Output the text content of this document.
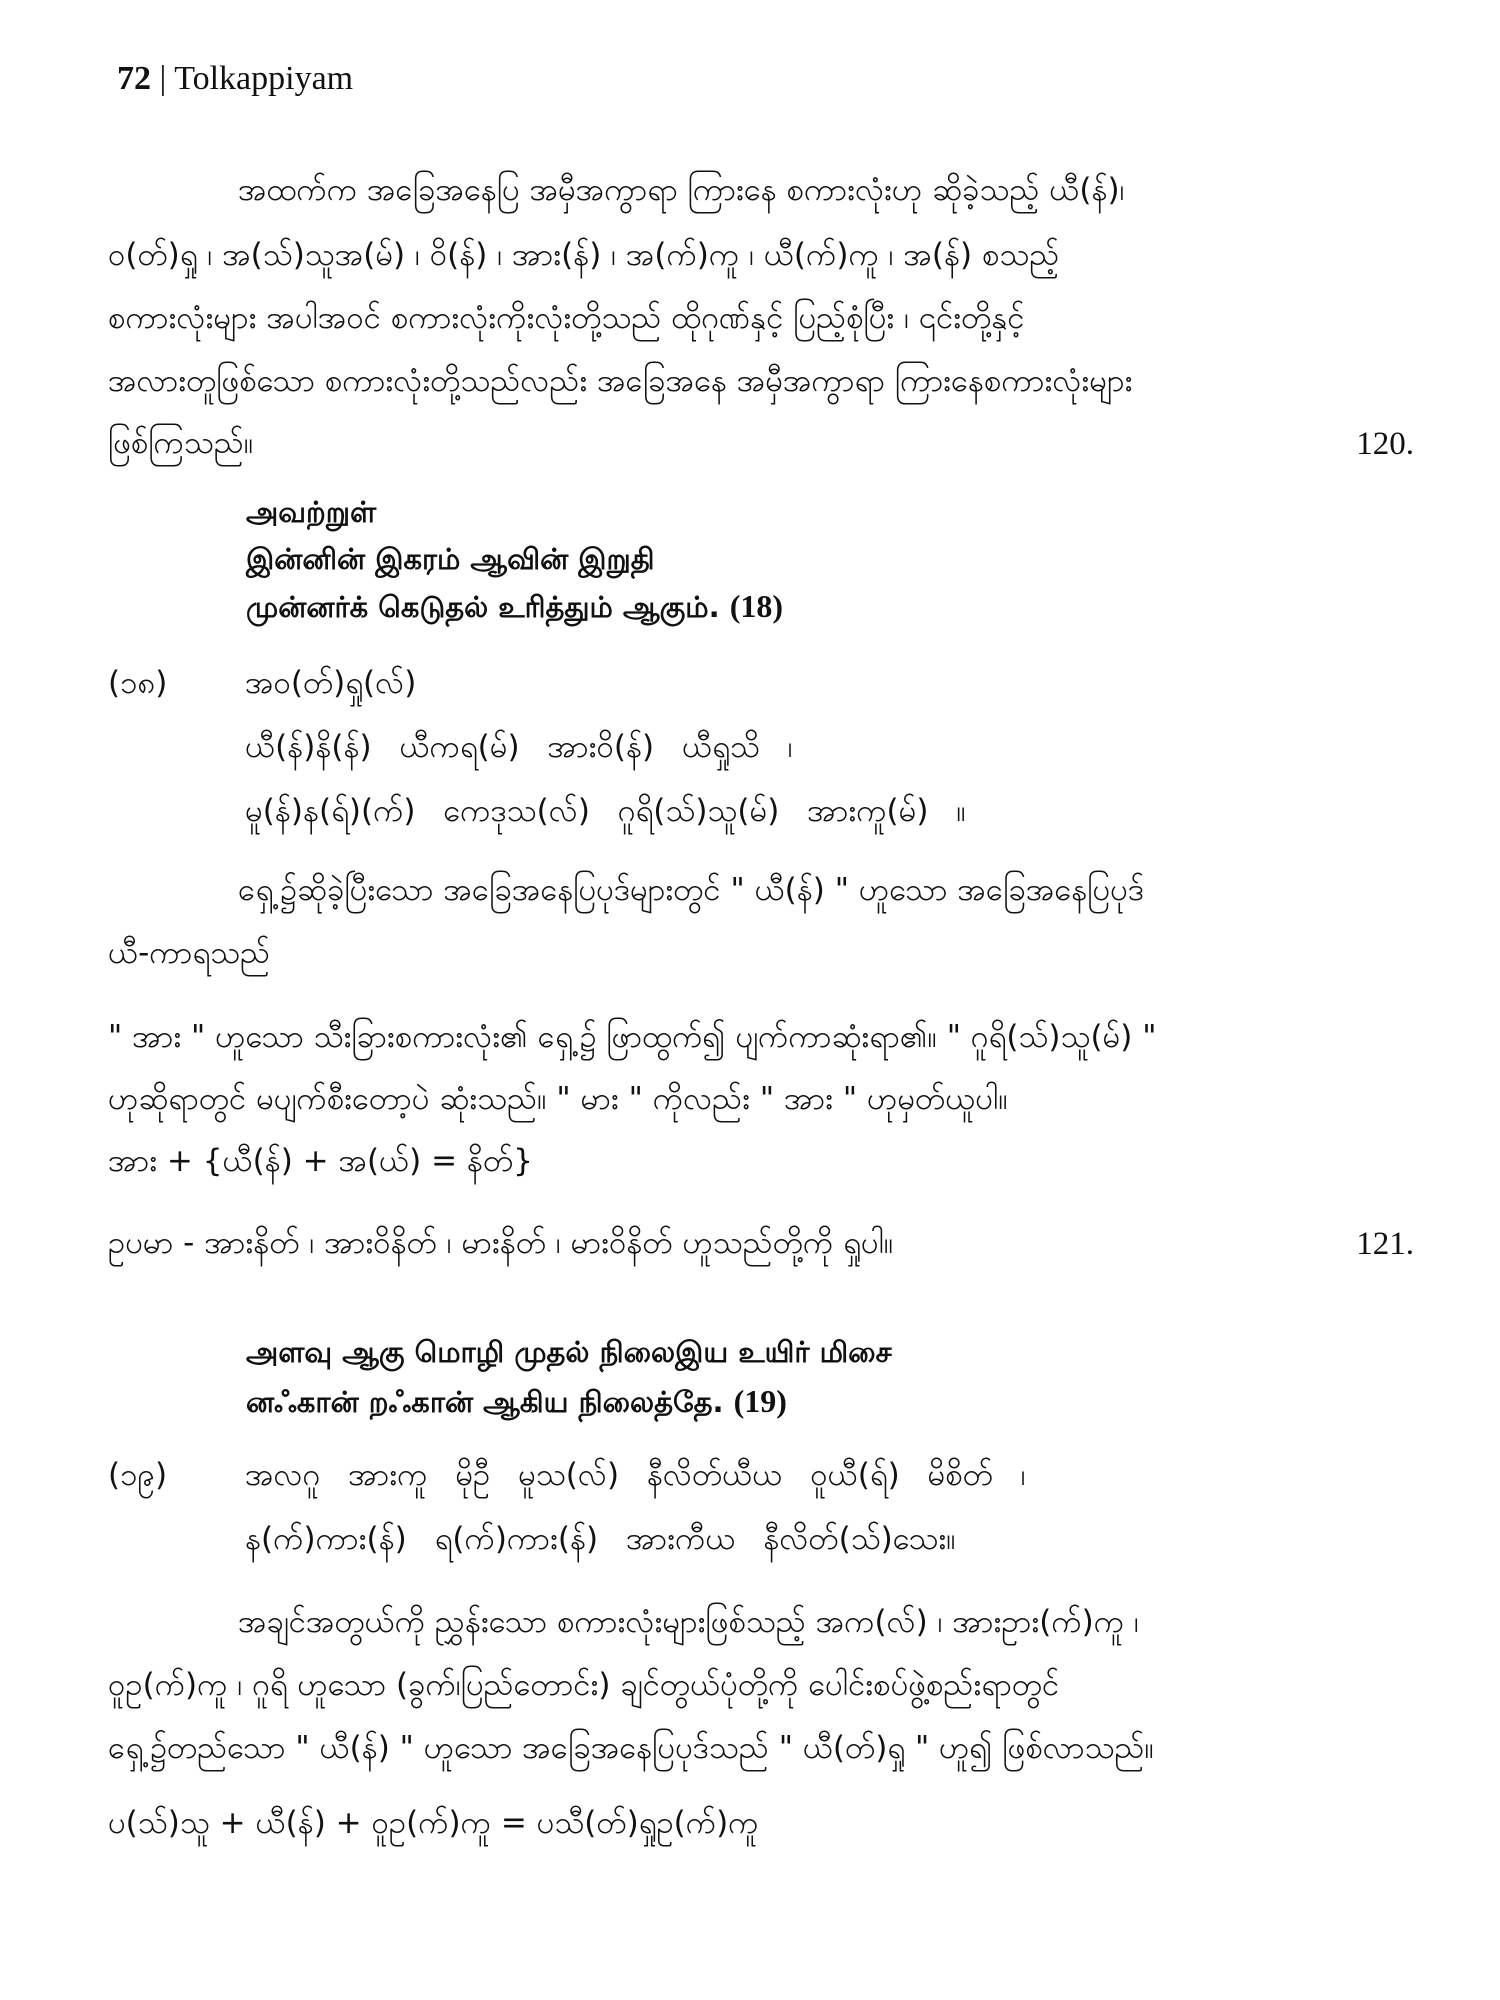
72 | Tolkappiyam
အထက်က အခြေအနေပြ အမှီအကွာရာ ကြားနေ စကားလုံးဟု ဆိုခဲ့သည့် ယီ(န်)၊
ဝ(တ်)ရှု ၊ အ(သ်)သူအ(မ်) ၊ ဝိ(န်) ၊ အား(န်) ၊ အ(က်)ကူ ၊ ယီ(က်)ကူ ၊ အ(န်) စသည့်
စကားလုံးများ အပါအဝင် စကားလုံးကိုးလုံးတို့သည် ထိုဂုဏ်နှင့် ပြည့်စုံပြီး ၊ ၎င်းတို့နှင့်
အလားတူဖြစ်သော စကားလုံးတို့သည်လည်း အခြေအနေ အမှီအကွာရာ ကြားနေစကားလုံးများ
ဖြစ်ကြသည်။	120.
அவற்றுள்
இன்னின் இகரம் ஆவின் இறுதி
முன்னர்க் கெடுதல் உரித்தும் ஆகும். (18)
(၁၈)	အဝ(တ်)ရှု(လ်)
ယီ(န်)နိ(န်) ယီကရ(မ်) အားဝိ(န်) ယီရှုသိ ၊
မူ(န်)န(ရ်)(က်) ကေဒုသ(လ်) ဂူရိ(သ်)သူ(မ်) အားကူ(မ်) ။
ရှေ့၌ဆိုခဲ့ပြီးသော အခြေအနေပြပုဒ်များတွင် " ယီ(န်) " ဟူသော အခြေအနေပြပုဒ်
ယီ-ကာရသည်
" အား " ဟူသော သီးခြားစကားလုံး၏ ရှေ့၌ ဖြာထွက်၍ ပျက်ကာဆုံးရာ၏။ " ဂူရိ(သ်)သူ(မ်) "
ဟုဆိုရာတွင် မပျက်စီးတော့ပဲ ဆုံးသည်။ " မား " ကိုလည်း " အား " ဟုမှတ်ယူပါ။
အား + {ယီ(န်) + အ(ယ်) = နိတ်}
ဥပမာ - အားနိတ် ၊ အားဝိနိတ် ၊ မားနိတ် ၊ မားဝိနိတ် ဟူသည်တို့ကို ရှုပါ။	121.
அளவு ஆகு மொழி முதல் நிலைஇய உயிர் மிசை
னஃகான் றஃகான் ஆகிய நிலைத்தே. (19)
(၁၉)	အလဂူ အားကူ မိုဦ မူသ(လ်) နီလိတ်ယီယ ဝူယီ(ရ်) မိစိတ် ၊
န(က်)ကား(န်) ရ(က်)ကား(န်) အားကီယ နီလိတ်(သ်)သေး။
အချင်အတွယ်ကို ညွှန်းသော စကားလုံးများဖြစ်သည့် အက(လ်) ၊ အားဥား(က်)ကူ ၊
ဝူဥ(က်)ကူ ၊ ဂူရိ ဟူသော (ခွက်၊ပြည်တောင်း) ချင်တွယ်ပုံတို့ကို ပေါင်းစပ်ဖွဲ့စည်းရာတွင်
ရှေ့၌တည်သော " ယီ(န်) " ဟူသော အခြေအနေပြပုဒ်သည် " ယီ(တ်)ရှု " ဟူ၍ ဖြစ်လာသည်။
ပ(သ်)သူ + ယီ(န်) + ဝူဥ(က်)ကူ = ပသီ(တ်)ရှုဥ(က်)ကူ
